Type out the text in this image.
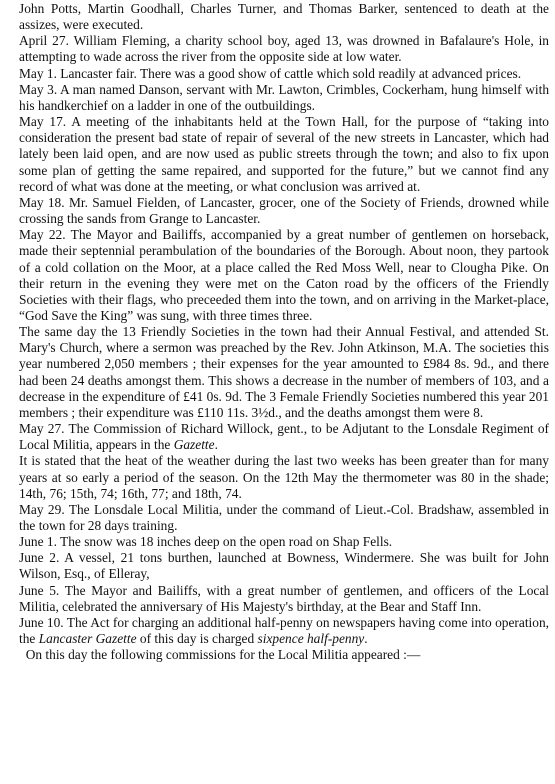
John Potts, Martin Goodhall, Charles Turner, and Thomas Barker, sentenced to death at the assizes, were executed.

April 27. William Fleming, a charity school boy, aged 13, was drowned in Bafalaure's Hole, in attempting to wade across the river from the opposite side at low water.

May 1. Lancaster fair. There was a good show of cattle which sold readily at advanced prices.

May 3. A man named Danson, servant with Mr. Lawton, Crimbles, Cockerham, hung himself with his handkerchief on a ladder in one of the outbuildings.

May 17. A meeting of the inhabitants held at the Town Hall, for the purpose of “taking into consideration the present bad state of repair of several of the new streets in Lancaster, which had lately been laid open, and are now used as public streets through the town; and also to fix upon some plan of getting the same repaired, and supported for the future,” but we cannot find any record of what was done at the meeting, or what conclusion was arrived at.

May 18. Mr. Samuel Fielden, of Lancaster, grocer, one of the Society of Friends, drowned while crossing the sands from Grange to Lancaster.

May 22. The Mayor and Bailiffs, accompanied by a great number of gentlemen on horseback, made their septennial perambulation of the boundaries of the Borough. About noon, they partook of a cold collation on the Moor, at a place called the Red Moss Well, near to Clougha Pike. On their return in the evening they were met on the Caton road by the officers of the Friendly Societies with their flags, who preceeded them into the town, and on arriving in the Market-place, “God Save the King” was sung, with three times three.

The same day the 13 Friendly Societies in the town had their Annual Festival, and attended St. Mary's Church, where a sermon was preached by the Rev. John Atkinson, M.A. The societies this year numbered 2,050 members ; their expenses for the year amounted to £984 8s. 9d., and there had been 24 deaths amongst them. This shows a decrease in the number of members of 103, and a decrease in the expenditure of £41 0s. 9d. The 3 Female Friendly Societies numbered this year 201 members ; their expenditure was £110 11s. 3½d., and the deaths amongst them were 8.

May 27. The Commission of Richard Willock, gent., to be Adjutant to the Lonsdale Regiment of Local Militia, appears in the Gazette.

It is stated that the heat of the weather during the last two weeks has been greater than for many years at so early a period of the season. On the 12th May the thermometer was 80 in the shade; 14th, 76; 15th, 74; 16th, 77; and 18th, 74.

May 29. The Lonsdale Local Militia, under the command of Lieut.-Col. Bradshaw, assembled in the town for 28 days training.

June 1. The snow was 18 inches deep on the open road on Shap Fells.

June 2. A vessel, 21 tons burthen, launched at Bowness, Windermere. She was built for John Wilson, Esq., of Elleray,

June 5. The Mayor and Bailiffs, with a great number of gentlemen, and officers of the Local Militia, celebrated the anniversary of His Majesty's birthday, at the Bear and Staff Inn.

June 10. The Act for charging an additional half-penny on newspapers having come into operation, the Lancaster Gazette of this day is charged sixpence half-penny.

On this day the following commissions for the Local Militia appeared :—
